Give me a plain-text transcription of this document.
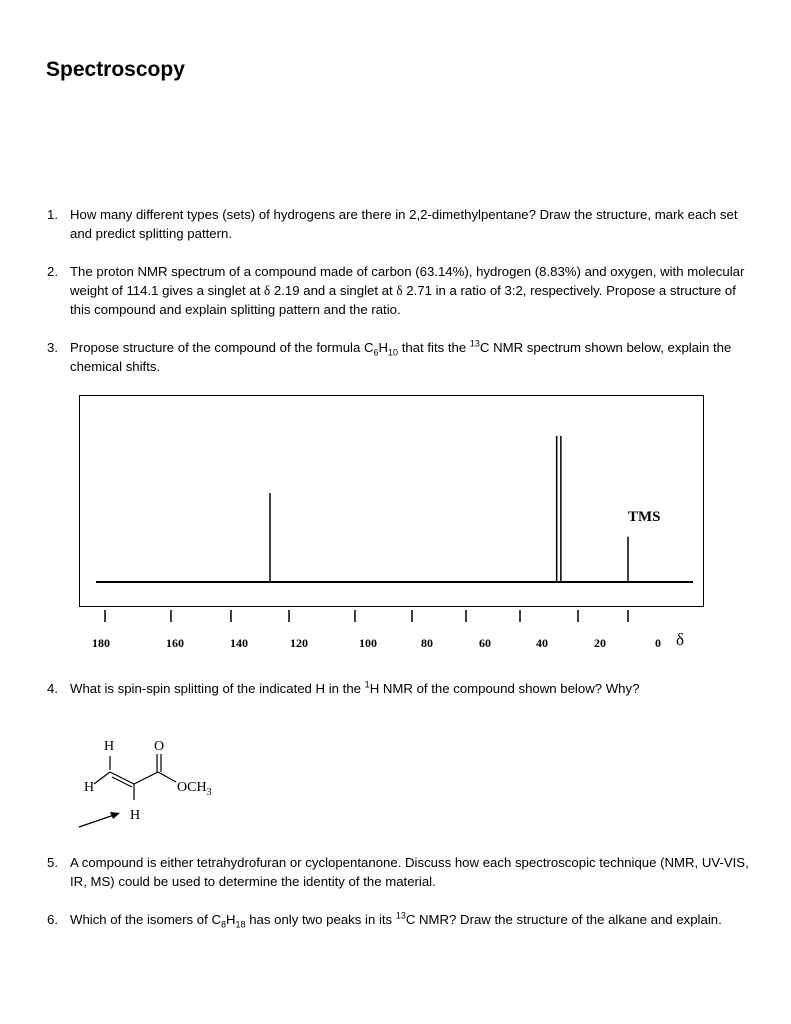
Spectroscopy
1. How many different types (sets) of hydrogens are there in 2,2-dimethylpentane? Draw the structure, mark each set and predict splitting pattern.
2. The proton NMR spectrum of a compound made of carbon (63.14%), hydrogen (8.83%) and oxygen, with molecular weight of 114.1 gives a singlet at δ 2.19 and a singlet at δ 2.71 in a ratio of 3:2, respectively. Propose a structure of this compound and explain splitting pattern and the ratio.
3. Propose structure of the compound of the formula $C_6H_{10}$ that fits the $^{13}$C NMR spectrum shown below, explain the chemical shifts.
TMS
180	160	140	120	100	80	60	40	20	0 δ
4. What is spin-spin splitting of the indicated H in the $^1$H NMR of the compound shown below? Why?
H	O
H	$OCH_3$
H
5. A compound is either tetrahydrofuran or cyclopentanone. Discuss how each spectroscopic technique (NMR, UV-VIS, IR, MS) could be used to determine the identity of the material.
6. Which of the isomers of $C_8H_{18}$ has only two peaks in its $^{13}$C NMR? Draw the structure of the alkane and explain.
